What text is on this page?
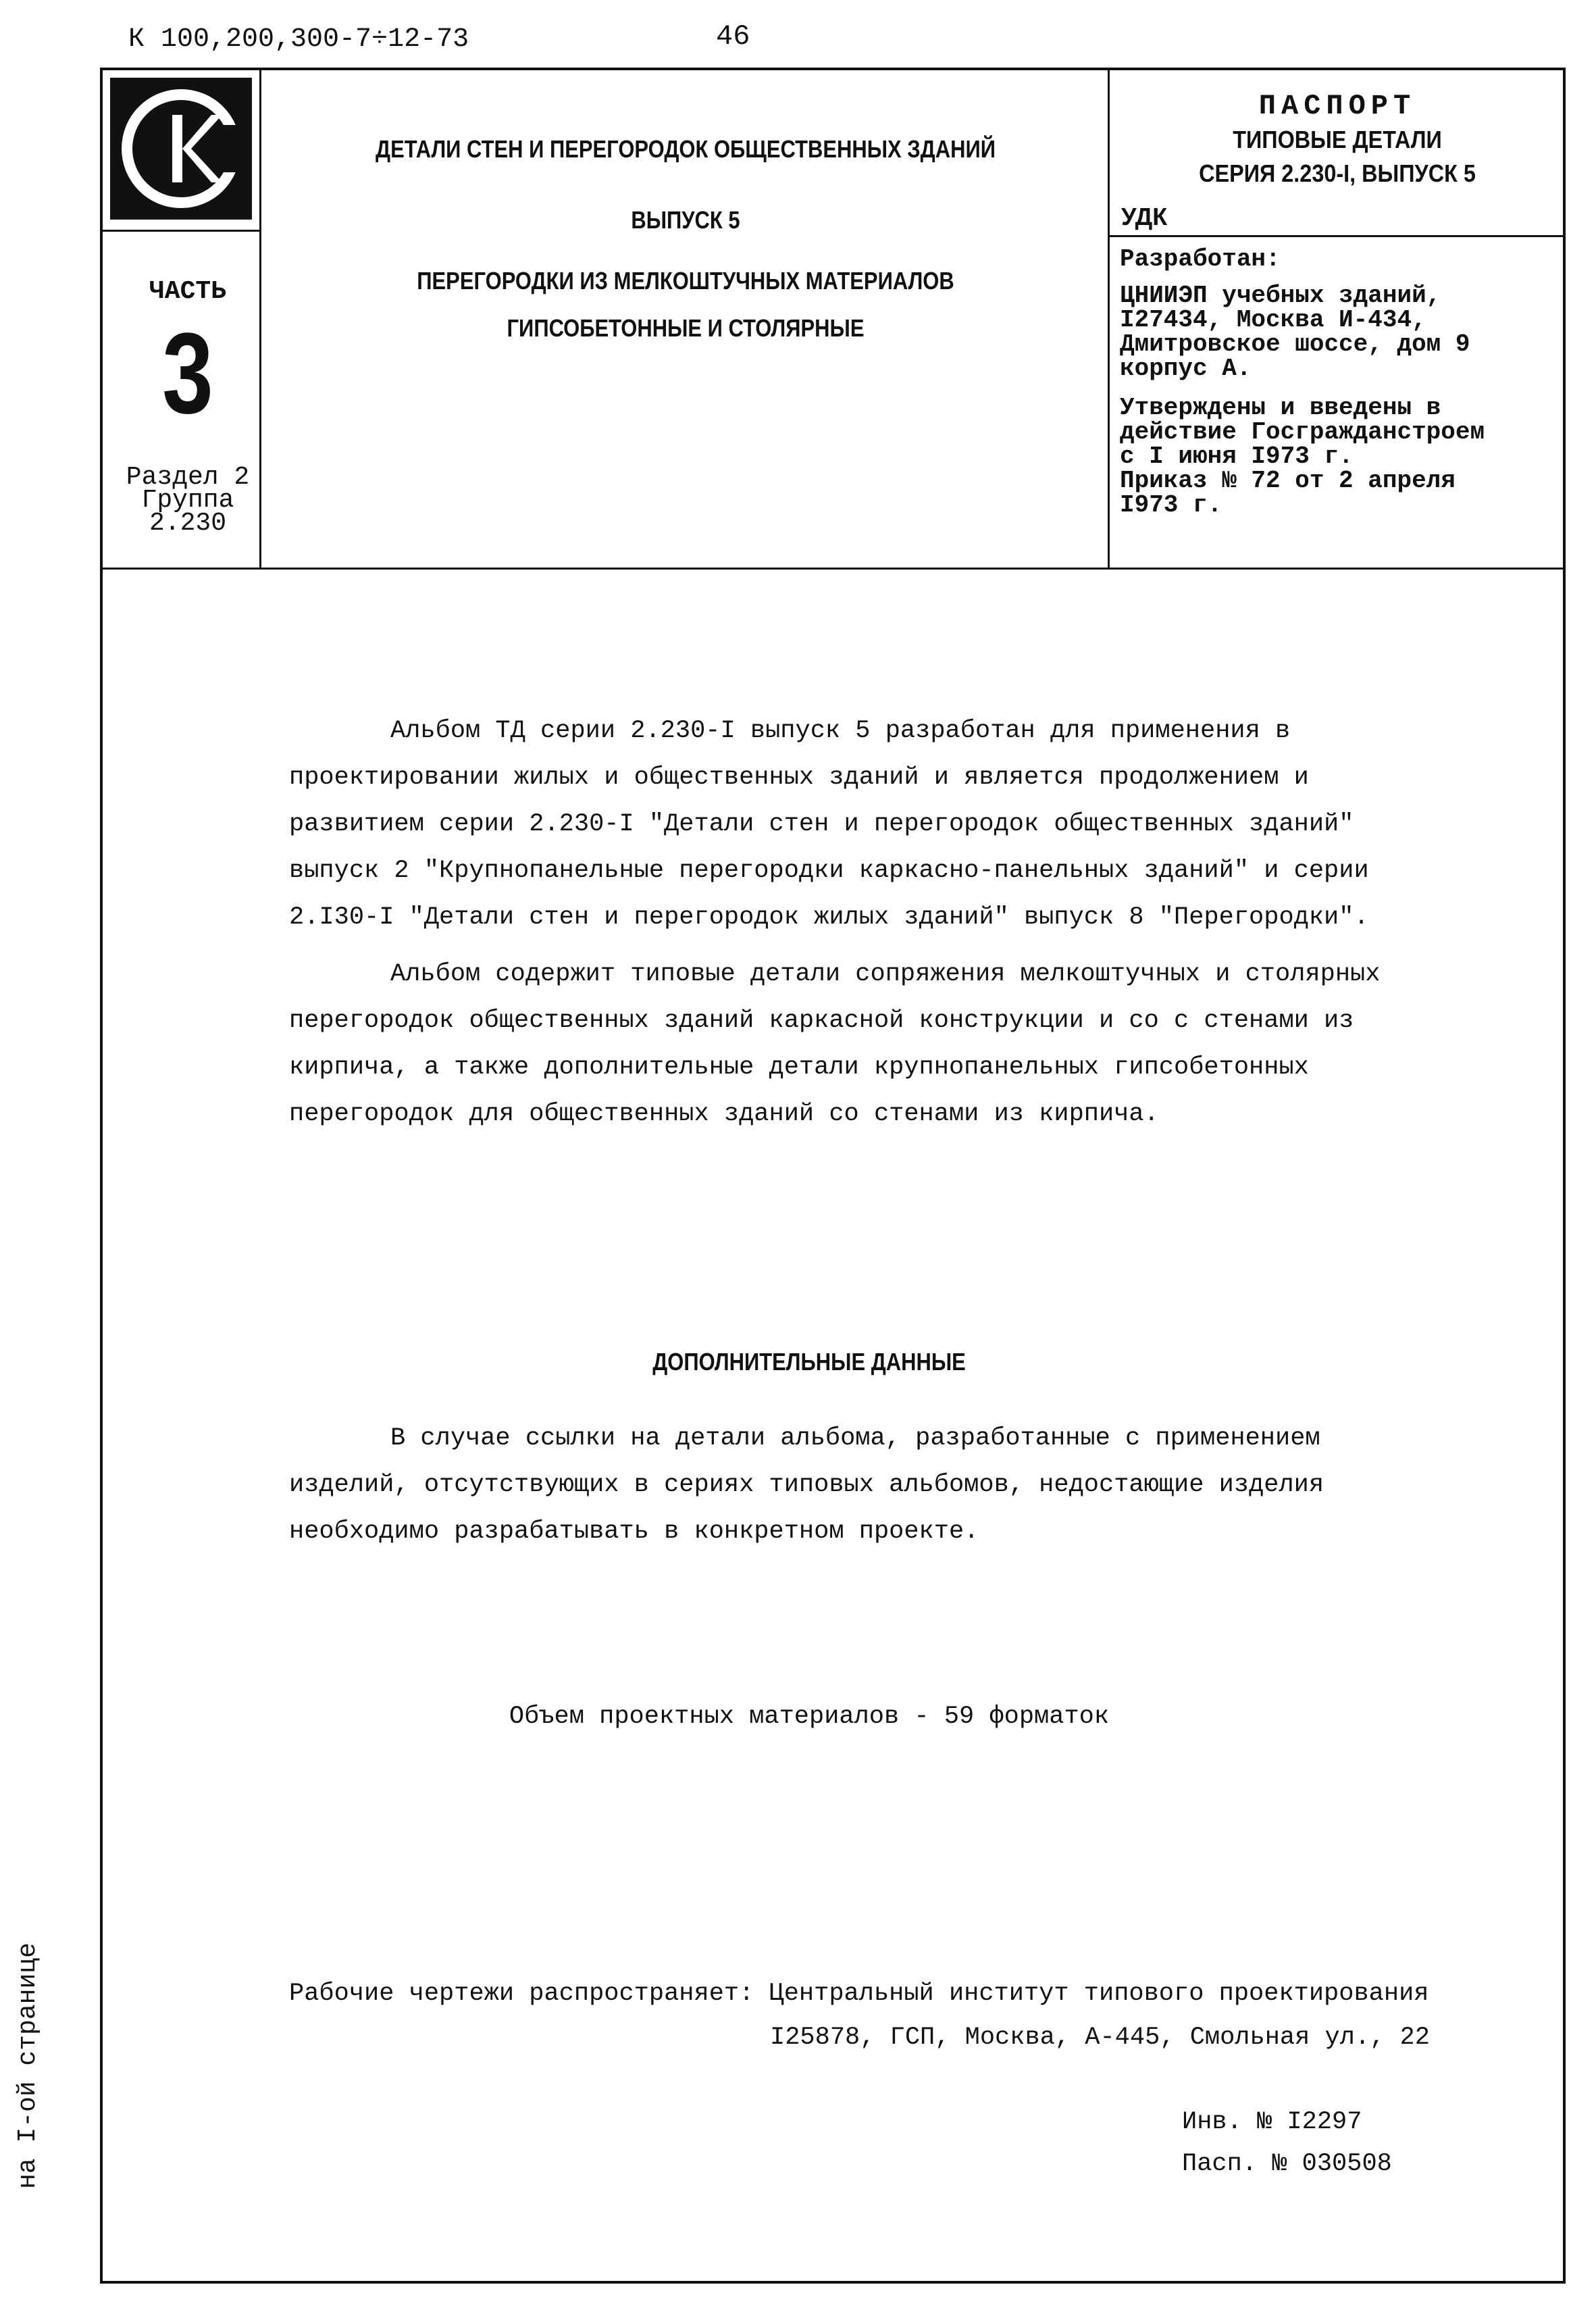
К 100,200,300-7÷12-73	46
ЧАСТЬ
3
Раздел 2
Группа
2.230
ДЕТАЛИ СТЕН И ПЕРЕГОРОДОК ОБЩЕСТВЕННЫХ ЗДАНИЙ
ВЫПУСК 5
ПЕРЕГОРОДКИ ИЗ МЕЛКОШТУЧНЫХ МАТЕРИАЛОВ
ГИПСОБЕТОННЫЕ И СТОЛЯРНЫЕ
ПАСПОРТ
ТИПОВЫЕ ДЕТАЛИ
СЕРИЯ 2.230-I, ВЫПУСК 5
УДК
Разработан:
ЦНИИЭП учебных зданий,
I27434, Москва И-434,
Дмитровское шоссе, дом 9
корпус А.
Утверждены и введены в
действие Госгражданстроем
с I июня I973 г.
Приказ № 72 от 2 апреля
I973 г.
Альбом ТД серии 2.230-I выпуск 5 разработан для применения в проектировании жилых и общественных зданий и является продолжением и развитием серии 2.230-I "Детали стен и перегородок общественных зданий" выпуск 2 "Крупнопанельные перегородки каркасно-панельных зданий" и серии 2.I30-I "Детали стен и перегородок жилых зданий" выпуск 8 "Перегородки".
Альбом содержит типовые детали сопряжения мелкоштучных и столярных перегородок общественных зданий каркасной конструкции и со с стенами из кирпича, а также дополнительные детали крупнопанельных гипсобетонных перегородок для общественных зданий со стенами из кирпича.
ДОПОЛНИТЕЛЬНЫЕ ДАННЫЕ
В случае ссылки на детали альбома, разработанные с применением изделий, отсутствующих в сериях типовых альбомов, недостающие изделия необходимо разрабатывать в конкретном проекте.
Объем проектных материалов - 59 форматок
Рабочие чертежи распространяет: Центральный институт типового проектирования
I25878, ГСП, Москва, А-445, Смольная ул., 22
Инв. № I2297
Пасп. № 030508
на I-ой странице
